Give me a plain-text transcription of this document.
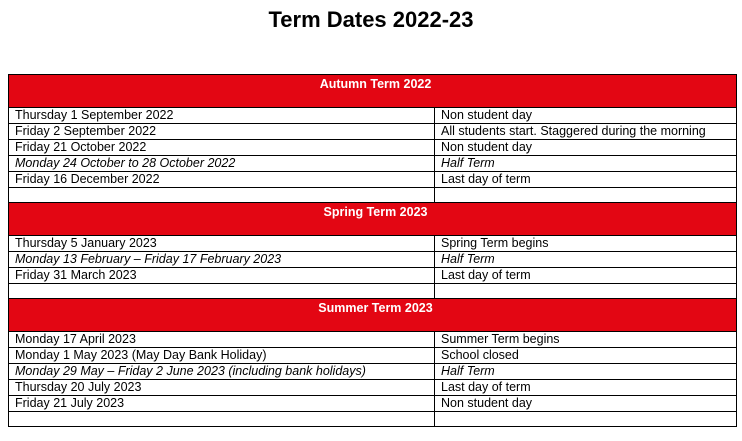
Term Dates 2022-23
Autumn Term 2022	
Thursday 1 September 2022	Non student day
Friday 2 September 2022	All students start. Staggered during the morning
Friday 21 October 2022	Non student day
Monday 24 October to 28 October 2022	Half Term
Friday 16 December 2022	Last day of term

Spring Term 2023	
Thursday 5 January 2023	Spring Term begins
Monday 13 February – Friday 17 February 2023	Half Term
Friday 31 March 2023	Last day of term

Summer Term 2023	
Monday 17 April 2023	Summer Term begins
Monday 1 May 2023 (May Day Bank Holiday)	School closed
Monday 29 May – Friday 2 June 2023 (including bank holidays)	Half Term
Thursday 20 July 2023	Last day of term
Friday 21 July 2023	Non student day
